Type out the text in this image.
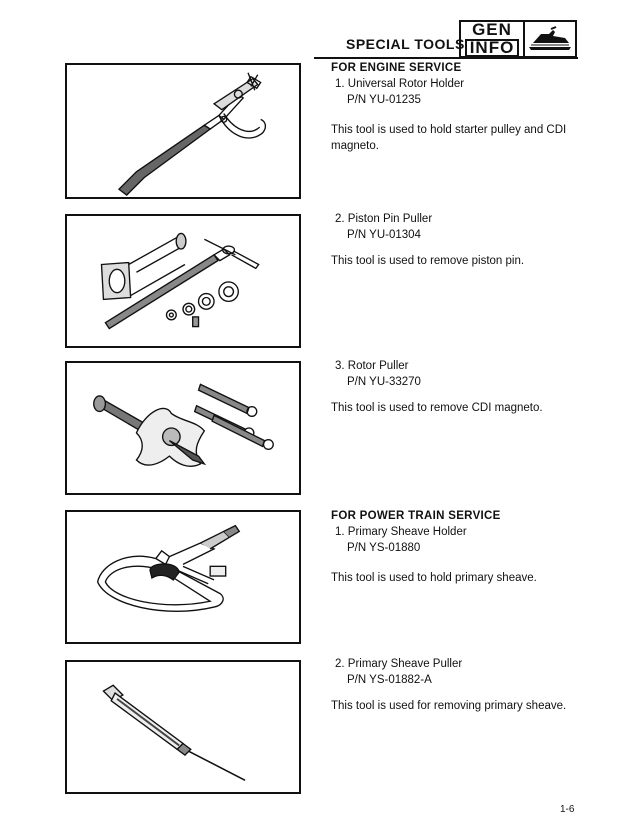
SPECIAL TOOLS
GEN
INFO
FOR ENGINE SERVICE
1. Universal Rotor Holder
P/N YU-01235
This tool is used to hold starter pulley and CDI magneto.
2. Piston Pin Puller
P/N YU-01304
This tool is used to remove piston pin.
3. Rotor Puller
P/N YU-33270
This tool is used to remove CDI magneto.
FOR POWER TRAIN SERVICE
1. Primary Sheave Holder
P/N YS-01880
This tool is used to hold primary sheave.
2. Primary Sheave Puller
P/N YS-01882-A
This tool is used for removing primary sheave.
1-6
